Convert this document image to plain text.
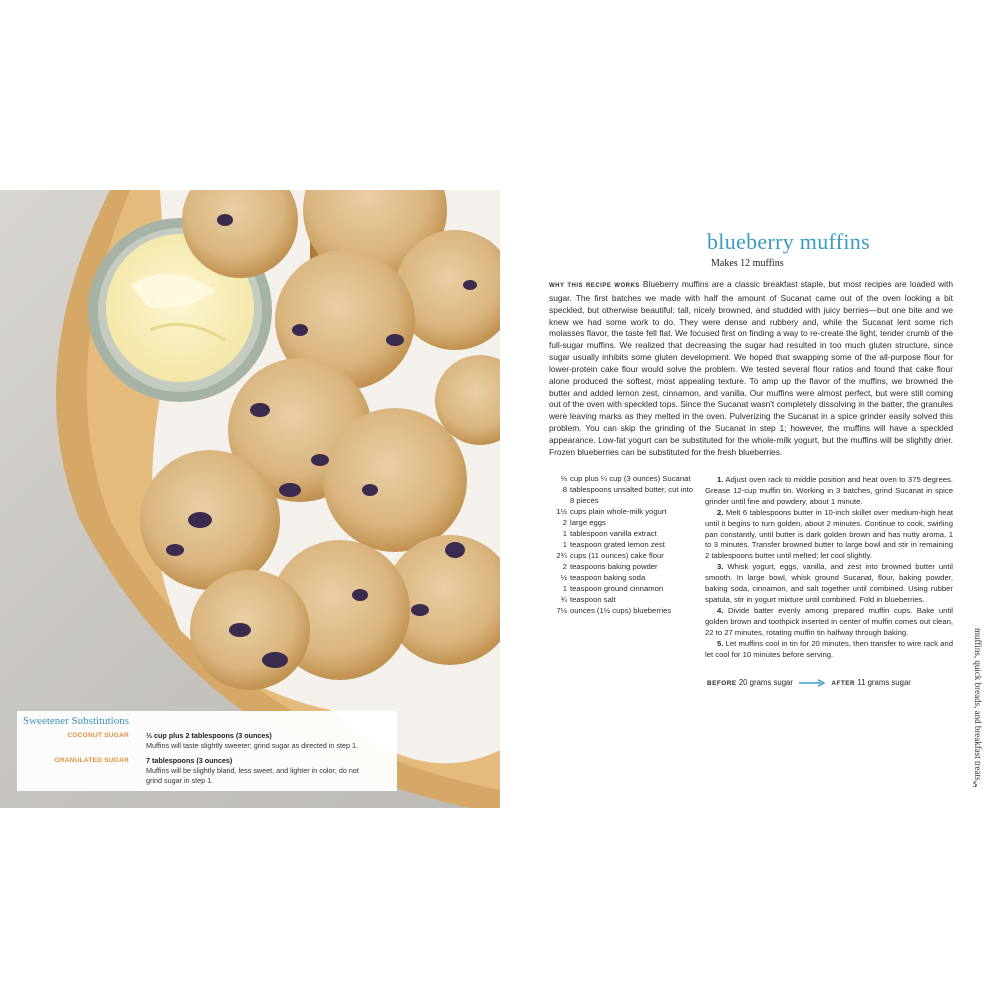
Sweetener Substitutions
COCONUT SUGAR ⅓ cup plus 2 tablespoons (3 ounces)
Muffins will taste slightly sweeter; grind sugar as directed in step 1.
GRANULATED SUGAR 7 tablespoons (3 ounces)
Muffins will be slightly bland, less sweet, and lighter in color; do not grind sugar in step 1.
blueberry muffins
Makes 12 muffins
WHY THIS RECIPE WORKS Blueberry muffins are a classic breakfast staple, but most recipes are loaded with sugar. The first batches we made with half the amount of Sucanat came out of the oven looking a bit speckled, but otherwise beautiful: tall, nicely browned, and studded with juicy berries—but one bite and we knew we had some work to do. They were dense and rubbery and, while the Sucanat lent some rich molasses flavor, the taste fell flat. We focused first on finding a way to re-create the light, tender crumb of the full-sugar muffins. We realized that decreasing the sugar had resulted in too much gluten structure, since sugar usually inhibits some gluten development. We hoped that swapping some of the all-purpose flour for lower-protein cake flour would solve the problem. We tested several flour ratios and found that cake flour alone produced the softest, most appealing texture. To amp up the flavor of the muffins, we browned the butter and added lemon zest, cinnamon, and vanilla. Our muffins were almost perfect, but were still coming out of the oven with speckled tops. Since the Sucanat wasn't completely dissolving in the batter, the granules were leaving marks as they melted in the oven. Pulverizing the Sucanat in a spice grinder easily solved this problem. You can skip the grinding of the Sucanat in step 1; however, the muffins will have a speckled appearance. Low-fat yogurt can be substituted for the whole-milk yogurt, but the muffins will be slightly drier. Frozen blueberries can be substituted for the fresh blueberries.
⅓ cup plus ¼ cup (3 ounces) Sucanat
8 tablespoons unsalted butter, cut into 8 pieces
1½ cups plain whole-milk yogurt
2 large eggs
1 tablespoon vanilla extract
1 teaspoon grated lemon zest
2¾ cups (11 ounces) cake flour
2 teaspoons baking powder
½ teaspoon baking soda
1 teaspoon ground cinnamon
¾ teaspoon salt
7½ ounces (1½ cups) blueberries

1. Adjust oven rack to middle position and heat oven to 375 degrees. Grease 12-cup muffin tin. Working in 3 batches, grind Sucanat in spice grinder until fine and powdery, about 1 minute.

2. Melt 6 tablespoons butter in 10-inch skillet over medium-high heat until it begins to turn golden, about 2 minutes. Continue to cook, swirling pan constantly, until butter is dark golden brown and has nutty aroma, 1 to 3 minutes. Transfer browned butter to large bowl and stir in remaining 2 tablespoons butter until melted; let cool slightly.

3. Whisk yogurt, eggs, vanilla, and zest into browned butter until smooth. In large bowl, whisk ground Sucanat, flour, baking powder, baking soda, cinnamon, and salt together until combined. Using rubber spatula, stir in yogurt mixture until combined. Fold in blueberries.

4. Divide batter evenly among prepared muffin cups. Bake until golden brown and toothpick inserted in center of muffin comes out clean, 22 to 27 minutes, rotating muffin tin halfway through baking.

5. Let muffins cool in tin for 20 minutes, then transfer to wire rack and let cool for 10 minutes before serving.

BEFORE 20 grams sugar	AFTER 11 grams sugar	muffins, quick breads, and breakfast treats
5
